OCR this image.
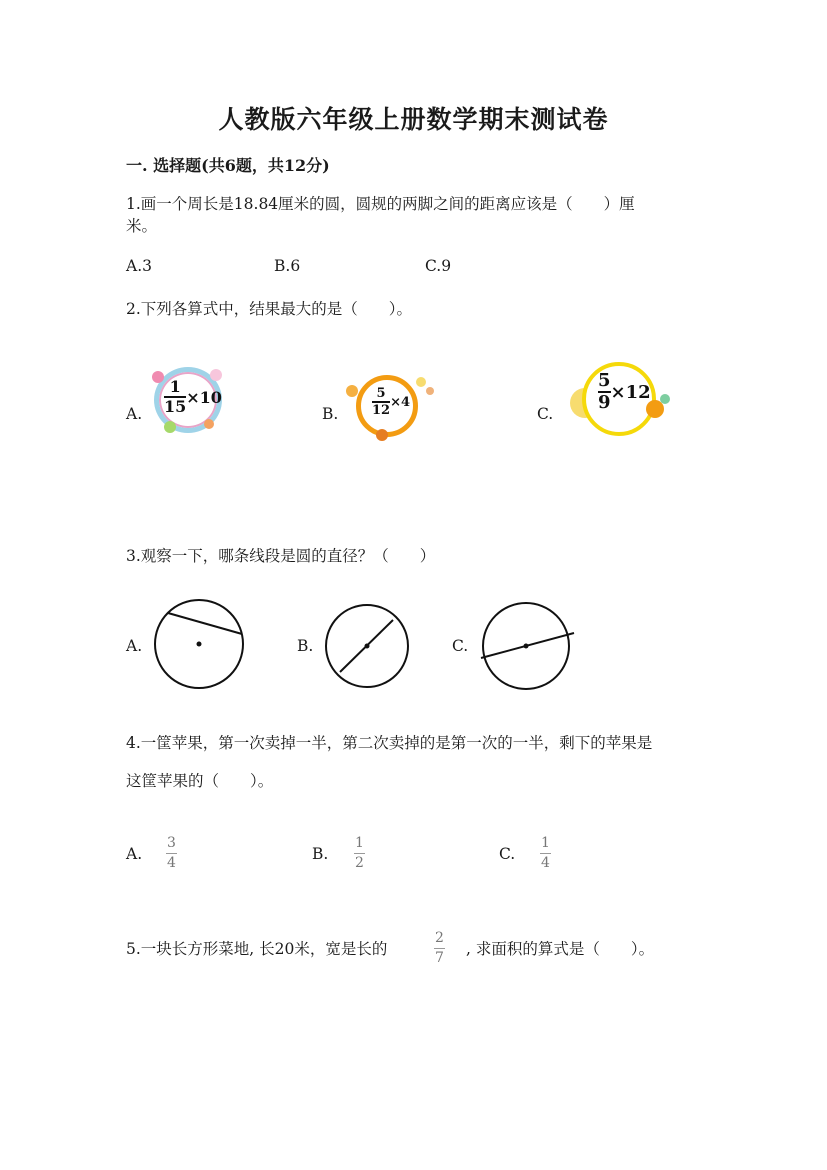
人教版六年级上册数学期末测试卷
一. 选择题(共6题，共12分)
1.画一个周长是18.84厘米的圆，圆规的两脚之间的距离应该是（　　）厘
米。
A.3	B.6	C.9
2.下列各算式中，结果最大的是（　　）。
A.
1
15 ×10
B.
5
12
×4
C.
5
9 ×12
3.观察一下，哪条线段是圆的直径？（　　）
A.	B.	C.
4.一筐苹果，第一次卖掉一半，第二次卖掉的是第一次的一半，剩下的苹果是
这筐苹果的（　　）。
A.
3
4	B.
1
2	C.
1
4
5.一块长方形菜地, 长20米，宽是长的
2
7 , 求面积的算式是（　　）。
